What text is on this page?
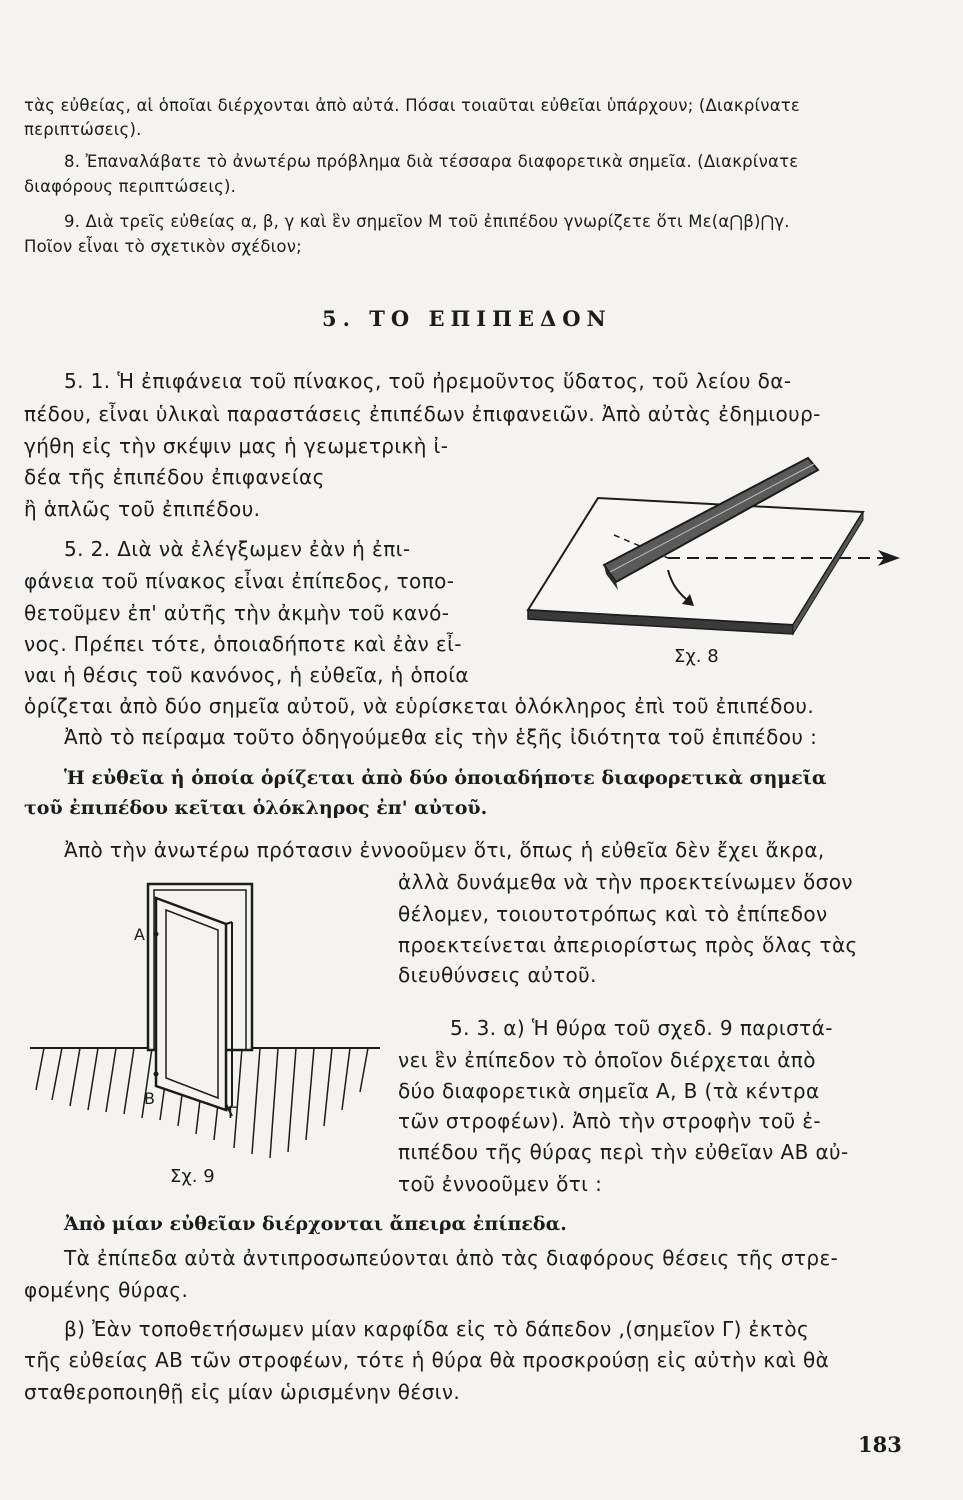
τὰς εὐθείας, αἱ ὁποῖαι διέρχονται ἀπὸ αὐτά. Πόσαι τοιαῦται εὐθεῖαι ὑπάρχουν; (Διακρίνατε
περιπτώσεις).
8. Ἐπαναλάβατε τὸ ἀνωτέρω πρόβλημα διὰ τέσσαρα διαφορετικὰ σημεῖα. (Διακρίνατε
διαφόρους περιπτώσεις).
9. Διὰ τρεῖς εὐθείας α, β, γ καὶ ἓν σημεῖον Μ τοῦ ἐπιπέδου γνωρίζετε ὅτι Με(α⋂β)⋂γ.
Ποῖον εἶναι τὸ σχετικὸν σχέδιον;
5. ΤΟ ΕΠΙΠΕΔΟΝ
5. 1. Ἡ ἐπιφάνεια τοῦ πίνακος, τοῦ ἠρεμοῦντος ὕδατος, τοῦ λείου δα-
πέδου, εἶναι ὑλικαὶ παραστάσεις ἐπιπέδων ἐπιφανειῶν. Ἀπὸ αὐτὰς ἐδημιουρ-
γήθη εἰς τὴν σκέψιν μας ἡ γεωμετρικὴ ἰ-
δέα τῆς ἐπιπέδου ἐπιφανείας
ἢ ἁπλῶς τοῦ ἐπιπέδου.
5. 2. Διὰ νὰ ἐλέγξωμεν ἐὰν ἡ ἐπι-
φάνεια τοῦ πίνακος εἶναι ἐπίπεδος, τοπο-
θετοῦμεν ἐπ' αὐτῆς τὴν ἀκμὴν τοῦ κανό-
νος. Πρέπει τότε, ὁποιαδήποτε καὶ ἐὰν εἶ-
ναι ἡ θέσις τοῦ κανόνος, ἡ εὐθεῖα, ἡ ὁποία
ὁρίζεται ἀπὸ δύο σημεῖα αὐτοῦ, νὰ εὑρίσκεται ὁλόκληρος ἐπὶ τοῦ ἐπιπέδου.
Ἀπὸ τὸ πείραμα τοῦτο ὁδηγούμεθα εἰς τὴν ἑξῆς ἰδιότητα τοῦ ἐπιπέδου :
Ἡ εὐθεῖα ἡ ὁποία ὁρίζεται ἀπὸ δύο ὁποιαδήποτε διαφορετικὰ σημεῖα
τοῦ ἐπιπέδου κεῖται ὁλόκληρος ἐπ' αὐτοῦ.
Ἀπὸ τὴν ἀνωτέρω πρότασιν ἐννοοῦμεν ὅτι, ὅπως ἡ εὐθεῖα δὲν ἔχει ἄκρα,
ἀλλὰ δυνάμεθα νὰ τὴν προεκτείνωμεν ὅσον
θέλομεν, τοιουτοτρόπως καὶ τὸ ἐπίπεδον
προεκτείνεται ἀπεριορίστως πρὸς ὅλας τὰς
διευθύνσεις αὐτοῦ.
5. 3. α) Ἡ θύρα τοῦ σχεδ. 9 παριστά-
νει ἓν ἐπίπεδον τὸ ὁποῖον διέρχεται ἀπὸ
δύο διαφορετικὰ σημεῖα Α, Β (τὰ κέντρα
τῶν στροφέων). Ἀπὸ τὴν στροφὴν τοῦ ἐ-
πιπέδου τῆς θύρας περὶ τὴν εὐθεῖαν ΑΒ αὐ-
τοῦ ἐννοοῦμεν ὅτι :
Ἀπὸ μίαν εὐθεῖαν διέρχονται ἄπειρα ἐπίπεδα.
Τὰ ἐπίπεδα αὐτὰ ἀντιπροσωπεύονται ἀπὸ τὰς διαφόρους θέσεις τῆς στρε-
φομένης θύρας.
β) Ἐὰν τοποθετήσωμεν μίαν καρφίδα εἰς τὸ δάπεδον ,(σημεῖον Γ) ἐκτὸς
τῆς εὐθείας ΑΒ τῶν στροφέων, τότε ἡ θύρα θὰ προσκρούσῃ εἰς αὐτὴν καὶ θὰ
σταθεροποιηθῇ εἰς μίαν ὡρισμένην θέσιν.
183
Σχ. 8
Α
Β
Γ
Σχ. 9
